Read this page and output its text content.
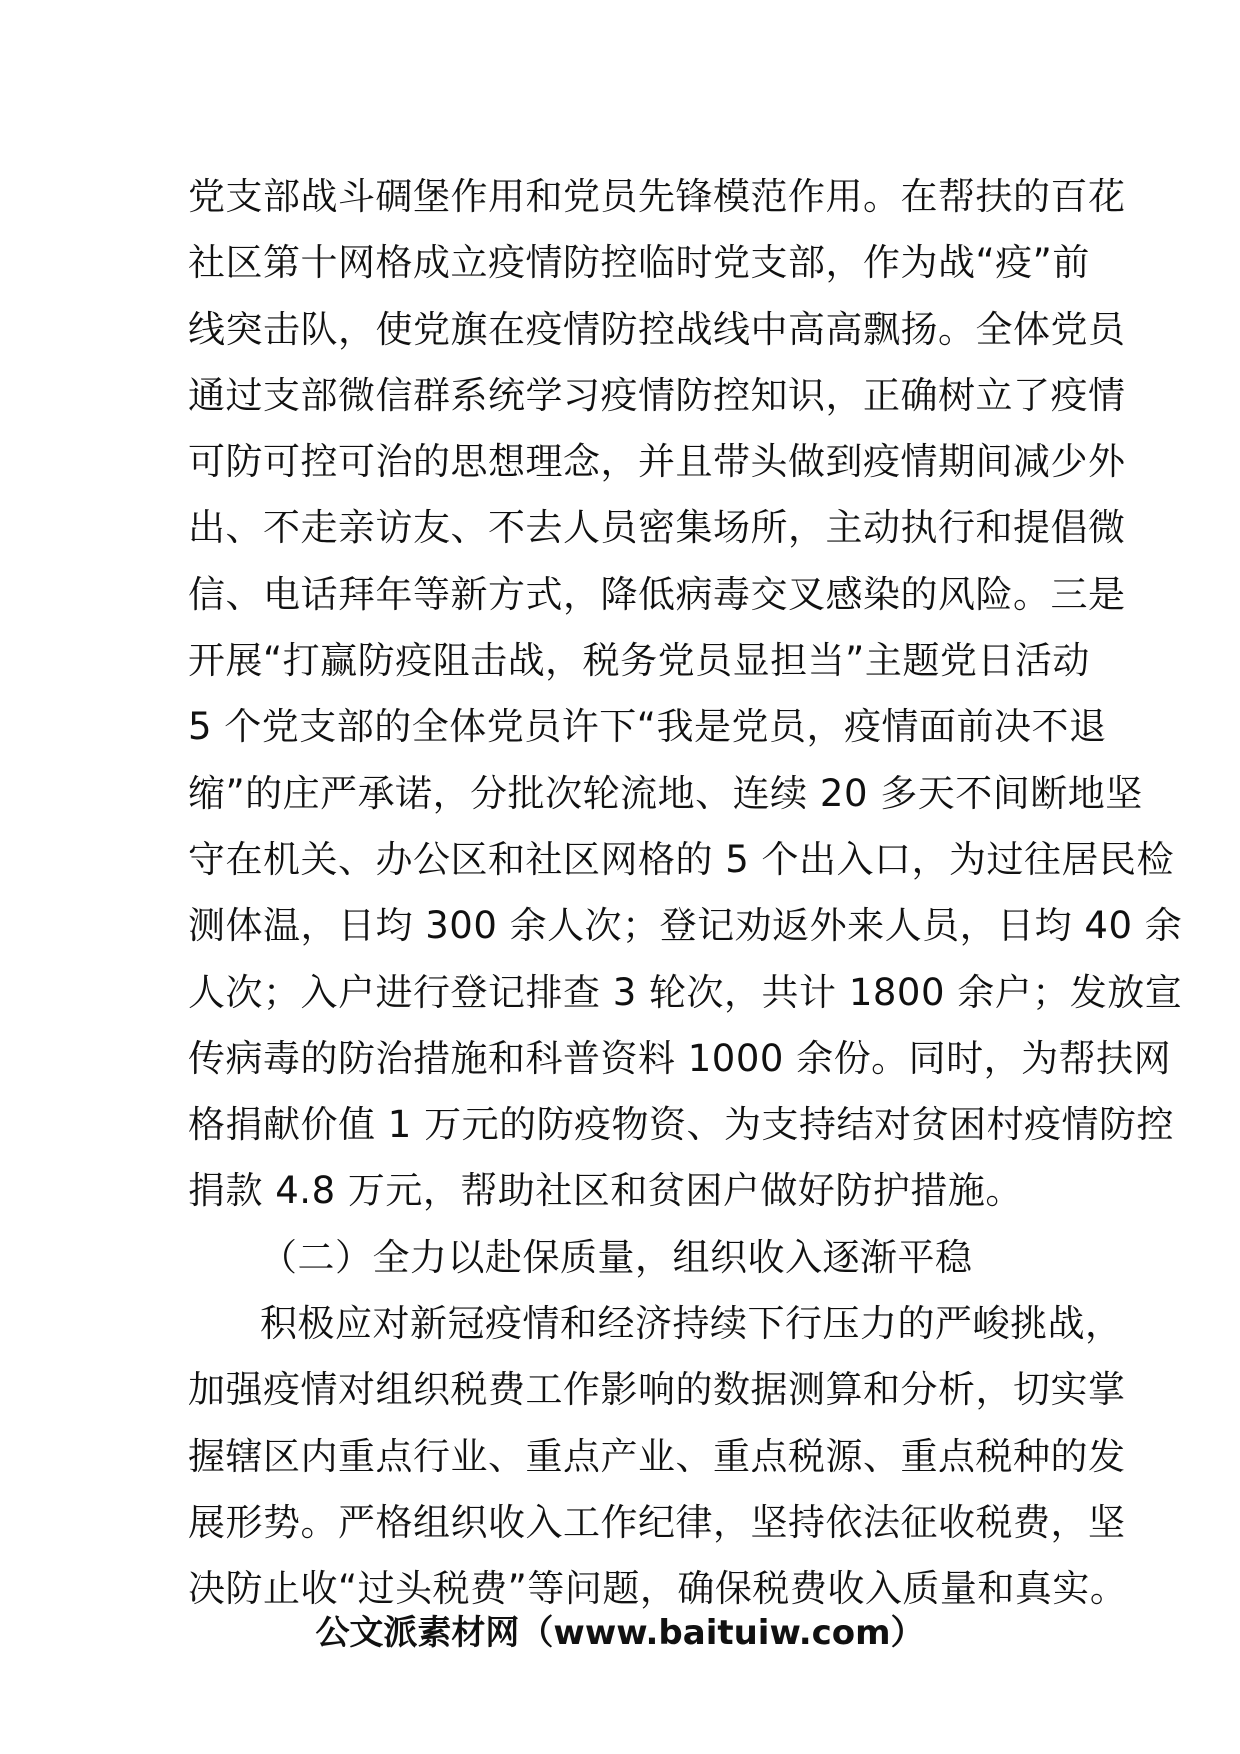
党支部战斗碉堡作用和党员先锋模范作用。在帮扶的百花
社区第十网格成立疫情防控临时党支部，作为战“疫”前
线突击队，使党旗在疫情防控战线中高高飘扬。全体党员
通过支部微信群系统学习疫情防控知识，正确树立了疫情
可防可控可治的思想理念，并且带头做到疫情期间减少外
出、不走亲访友、不去人员密集场所，主动执行和提倡微
信、电话拜年等新方式，降低病毒交叉感染的风险。三是
开展“打赢防疫阻击战，税务党员显担当”主题党日活动
5 个党支部的全体党员许下“我是党员，疫情面前决不退
缩”的庄严承诺，分批次轮流地、连续 20 多天不间断地坚
守在机关、办公区和社区网格的 5 个出入口，为过往居民检
测体温，日均 300 余人次；登记劝返外来人员，日均 40 余
人次；入户进行登记排查 3 轮次，共计 1800 余户；发放宣
传病毒的防治措施和科普资料 1000 余份。同时，为帮扶网
格捐献价值 1 万元的防疫物资、为支持结对贫困村疫情防控
捐款 4.8 万元，帮助社区和贫困户做好防护措施。
（二）全力以赴保质量，组织收入逐渐平稳
积极应对新冠疫情和经济持续下行压力的严峻挑战，
加强疫情对组织税费工作影响的数据测算和分析，切实掌
握辖区内重点行业、重点产业、重点税源、重点税种的发
展形势。严格组织收入工作纪律，坚持依法征收税费，坚
决防止收“过头税费”等问题，确保税费收入质量和真实。
公文派素材网（www.baituiw.com）
